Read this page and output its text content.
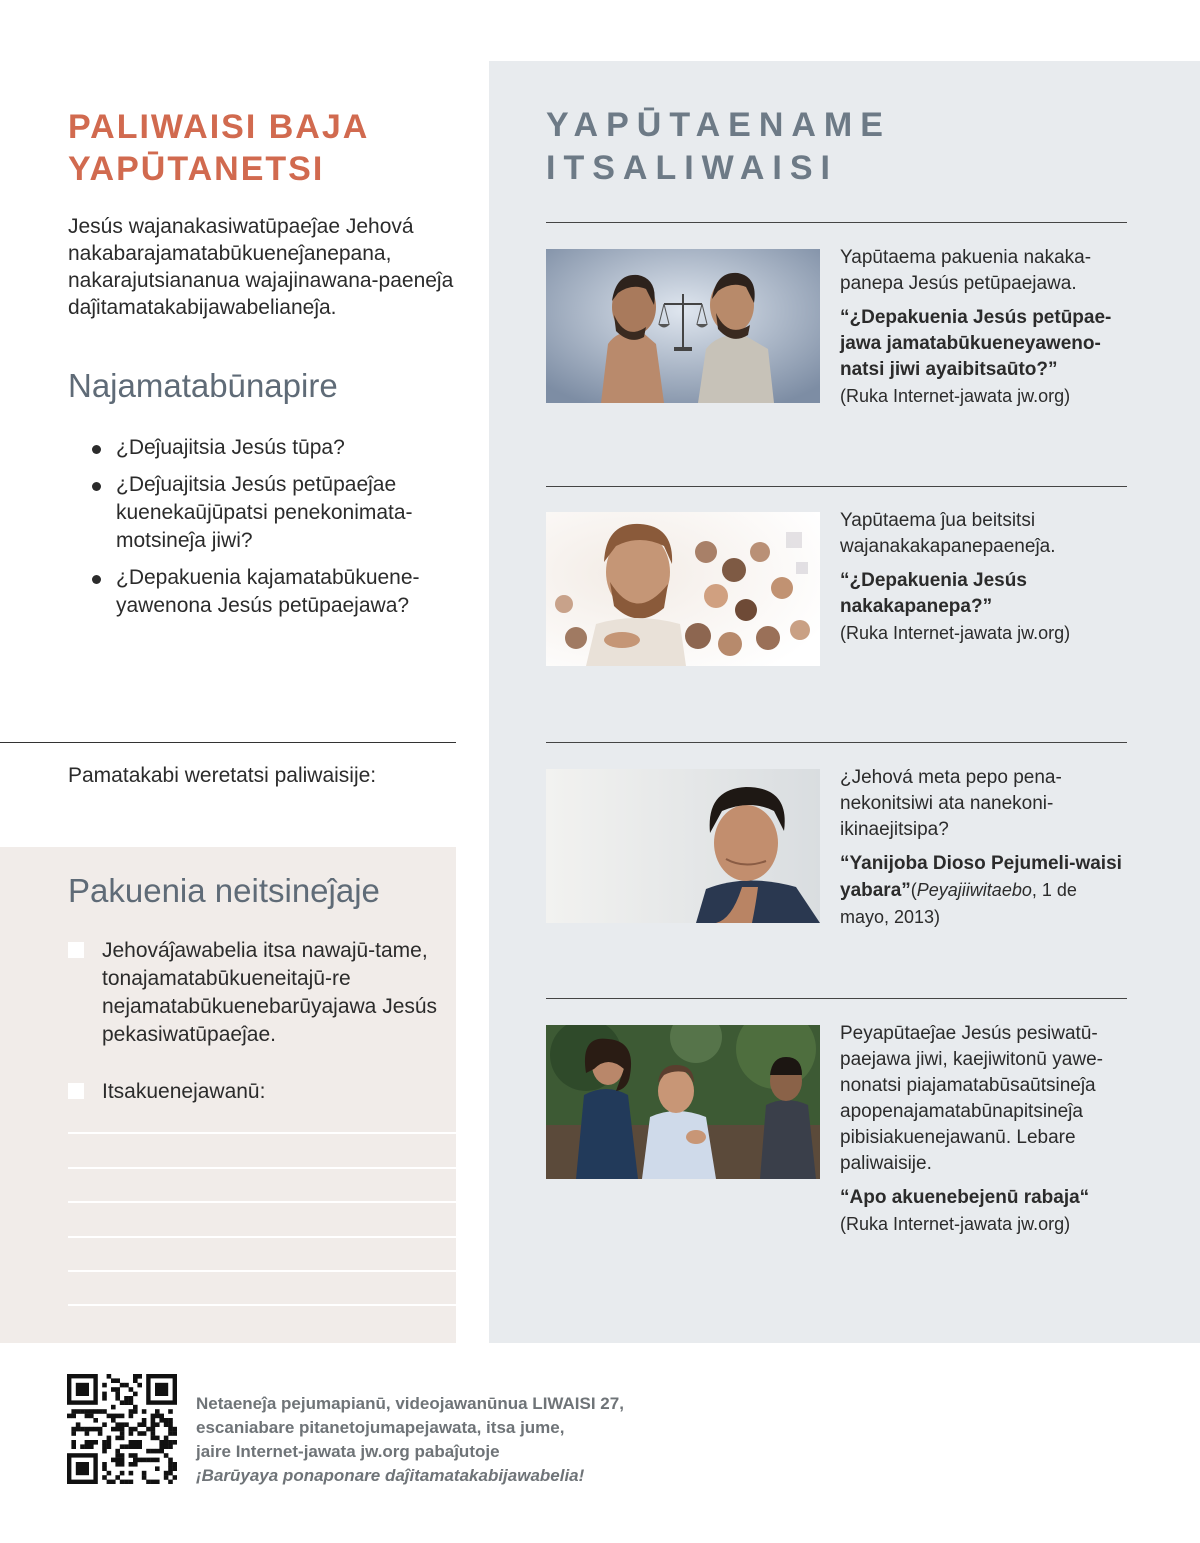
PALIWAISI BAJA
YAPŪTANETSI

Jesús wajanakasiwatūpaeĵae Jehová nakabarajamatabūkueneĵanepana, nakarajutsiananua wajajinawana-paeneĵa daĵitamatakabijawabelianeĵa.

Najamatabūnapire
¿Deĵuajitsia Jesús tūpa?
¿Deĵuajitsia Jesús petūpaeĵae kuenekaūjūpatsi penekonimata-motsineĵa jiwi?
¿Depakuenia kajamatabūkuene-yawenona Jesús petūpaejawa?

Pamatakabi weretatsi paliwaisije:

Pakuenia neitsineĵaje
Jehováĵawabelia itsa nawajū-tame, tonajamatabūkueneitajū-re nejamatabūkuenebarūyajawa Jesús pekasiwatūpaeĵae.
Itsakuenejawanū:
YAPŪTAENAME
ITSALIWAISI

Yapūtaema pakuenia nakaka-panepa Jesús petūpaejawa.

“¿Depakuenia Jesús petūpae-jawa jamatabūkueneyaweno-natsi jiwi ayaibitsaūto?”

(Ruka Internet-jawata jw.org)

Yapūtaema ĵua beitsitsi wajanakakapanepaeneĵa.

“¿Depakuenia Jesús nakakapanepa?”

(Ruka Internet-jawata jw.org)

¿Jehová meta pepo pena-nekonitsiwi ata nanekoni-ikinaejitsipa?

“Yanijoba Dioso Pejumeli-waisi yabara”(Peyajiiwitaebo, 1 de mayo, 2013)

Peyapūtaeĵae Jesús pesiwatū-paejawa jiwi, kaejiwitonū yawe-nonatsi piajamatabūsaūtsineĵa apopenajamatabūnapitsineĵa pibisiakuenejawanū. Lebare paliwaisije.

“Apo akuenebejenū rabaja“

(Ruka Internet-jawata jw.org)

Netaeneĵa pejumapianū, videojawanūnua LIWAISI 27,
escaniabare pitanetojumapejawata, itsa jume,
jaire Internet-jawata jw.org pabaĵutoje
¡Barūyaya ponaponare daĵitamatakabijawabelia!
